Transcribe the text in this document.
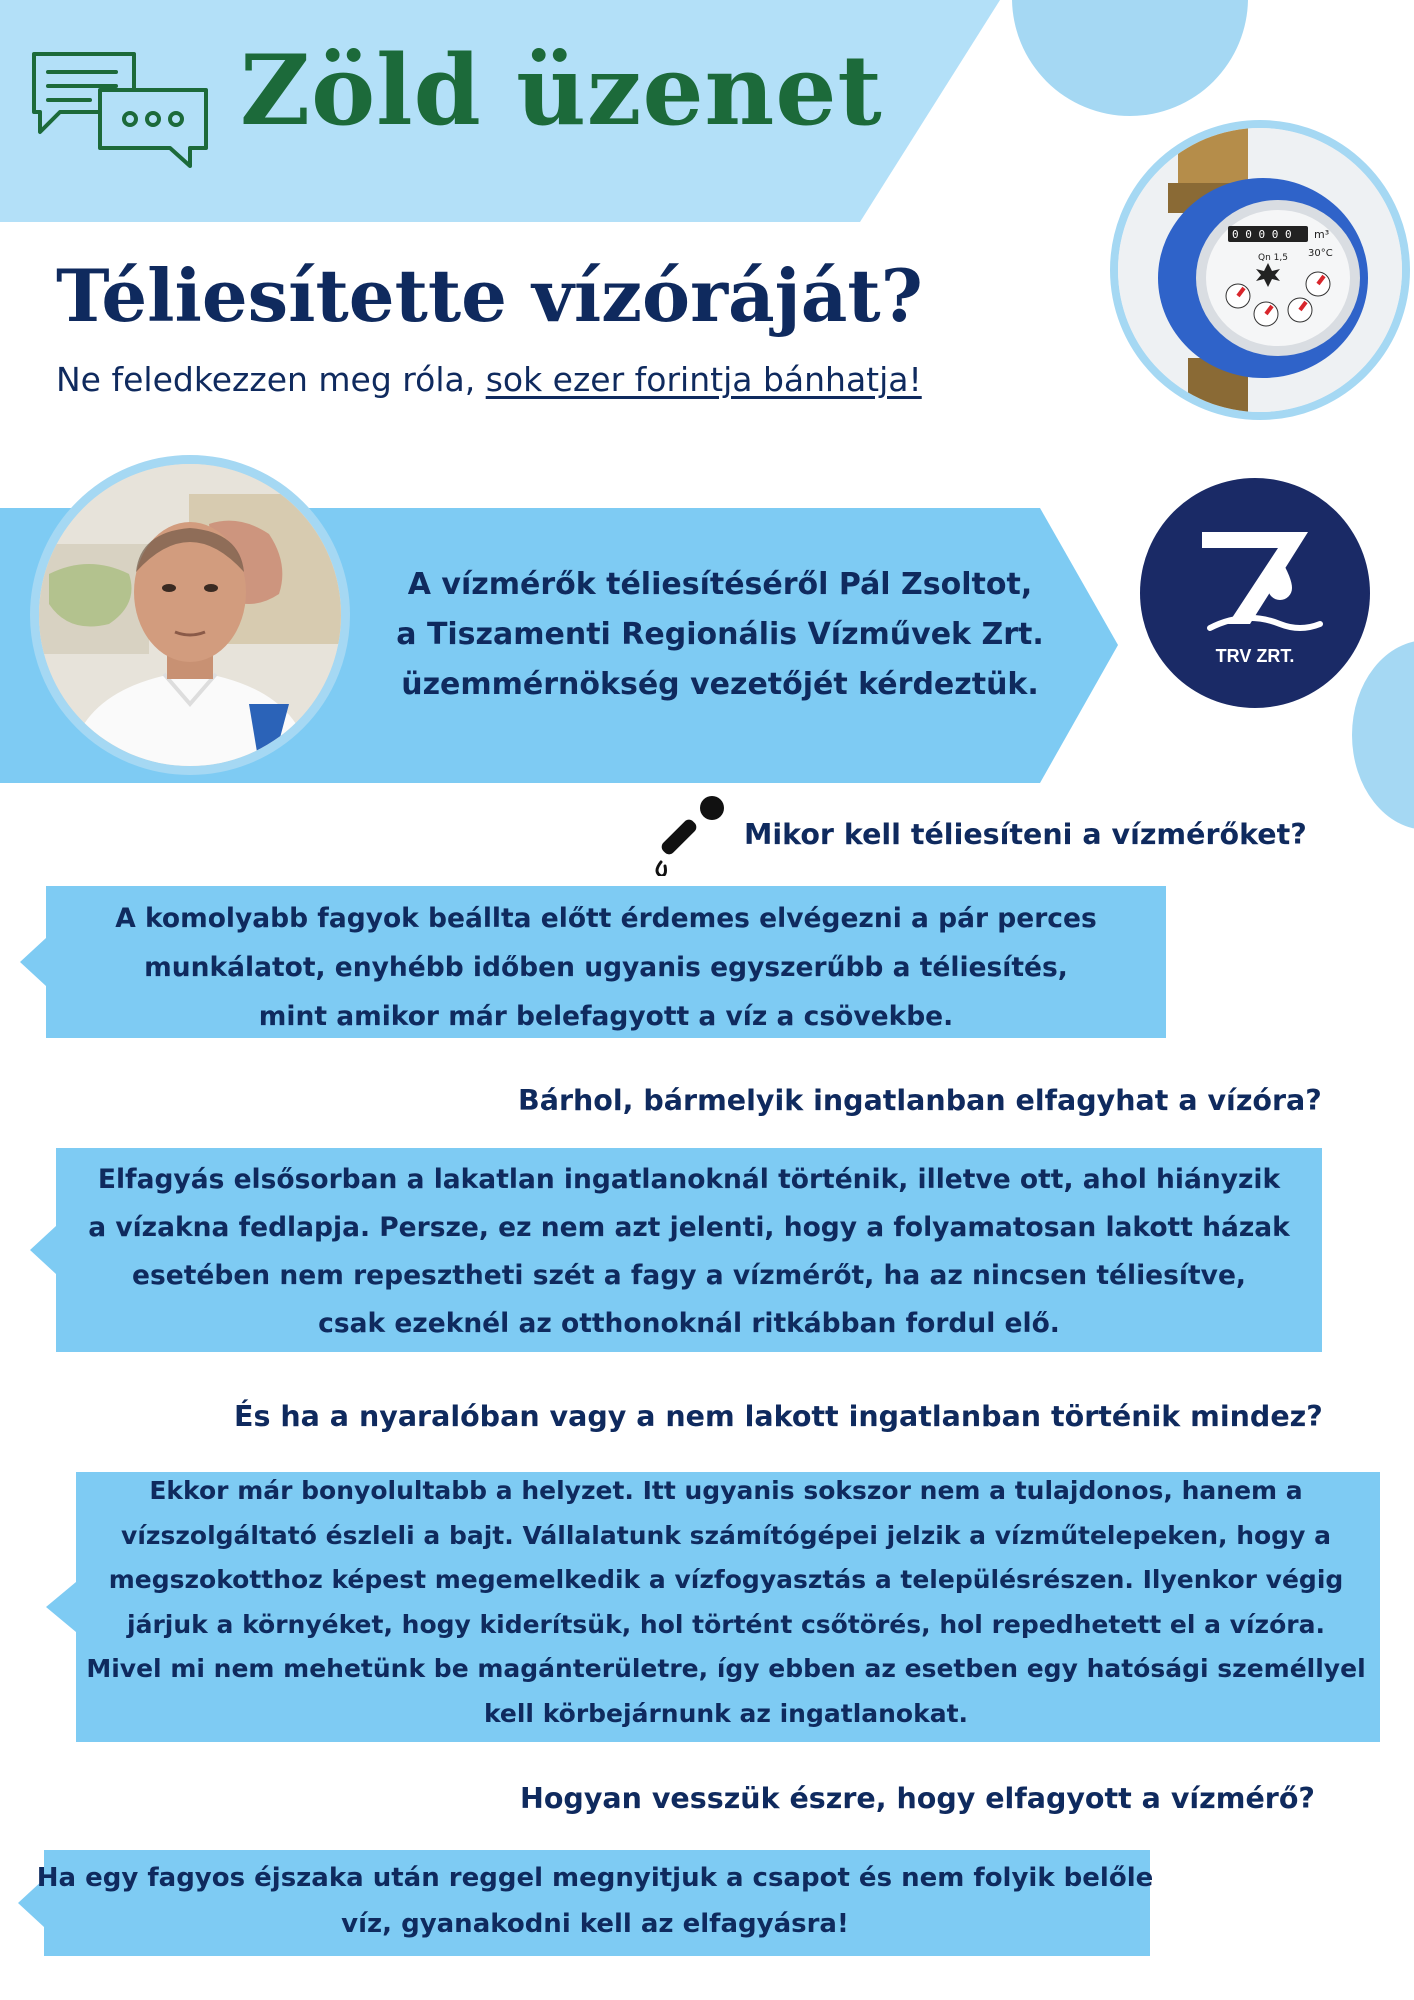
Zöld üzenet
0 0 0 0 0 m³
30°C
Qn 1,5
Téliesítette vízóráját?
Ne feledkezzen meg róla, sok ezer forintja bánhatja!
A vízmérők téliesítéséről Pál Zsoltot,
a Tiszamenti Regionális Vízművek Zrt.
üzemmérnökség vezetőjét kérdeztük.
TRV ZRT.
Mikor kell téliesíteni a vízmérőket?
A komolyabb fagyok beállta előtt érdemes elvégezni a pár perces
munkálatot, enyhébb időben ugyanis egyszerűbb a téliesítés,
mint amikor már belefagyott a víz a csövekbe.
Bárhol, bármelyik ingatlanban elfagyhat a vízóra?
Elfagyás elsősorban a lakatlan ingatlanoknál történik, illetve ott, ahol hiányzik
a vízakna fedlapja. Persze, ez nem azt jelenti, hogy a folyamatosan lakott házak
esetében nem repesztheti szét a fagy a vízmérőt, ha az nincsen téliesítve,
csak ezeknél az otthonoknál ritkábban fordul elő.
És ha a nyaralóban vagy a nem lakott ingatlanban történik mindez?
Ekkor már bonyolultabb a helyzet. Itt ugyanis sokszor nem a tulajdonos, hanem a
vízszolgáltató észleli a bajt. Vállalatunk számítógépei jelzik a vízműtelepeken, hogy a
megszokotthoz képest megemelkedik a vízfogyasztás a településrészen. Ilyenkor végig
járjuk a környéket, hogy kiderítsük, hol történt csőtörés, hol repedhetett el a vízóra.
Mivel mi nem mehetünk be magánterületre, így ebben az esetben egy hatósági személlyel
kell körbejárnunk az ingatlanokat.
Hogyan vesszük észre, hogy elfagyott a vízmérő?
Ha egy fagyos éjszaka után reggel megnyitjuk a csapot és nem folyik belőle
víz, gyanakodni kell az elfagyásra!
